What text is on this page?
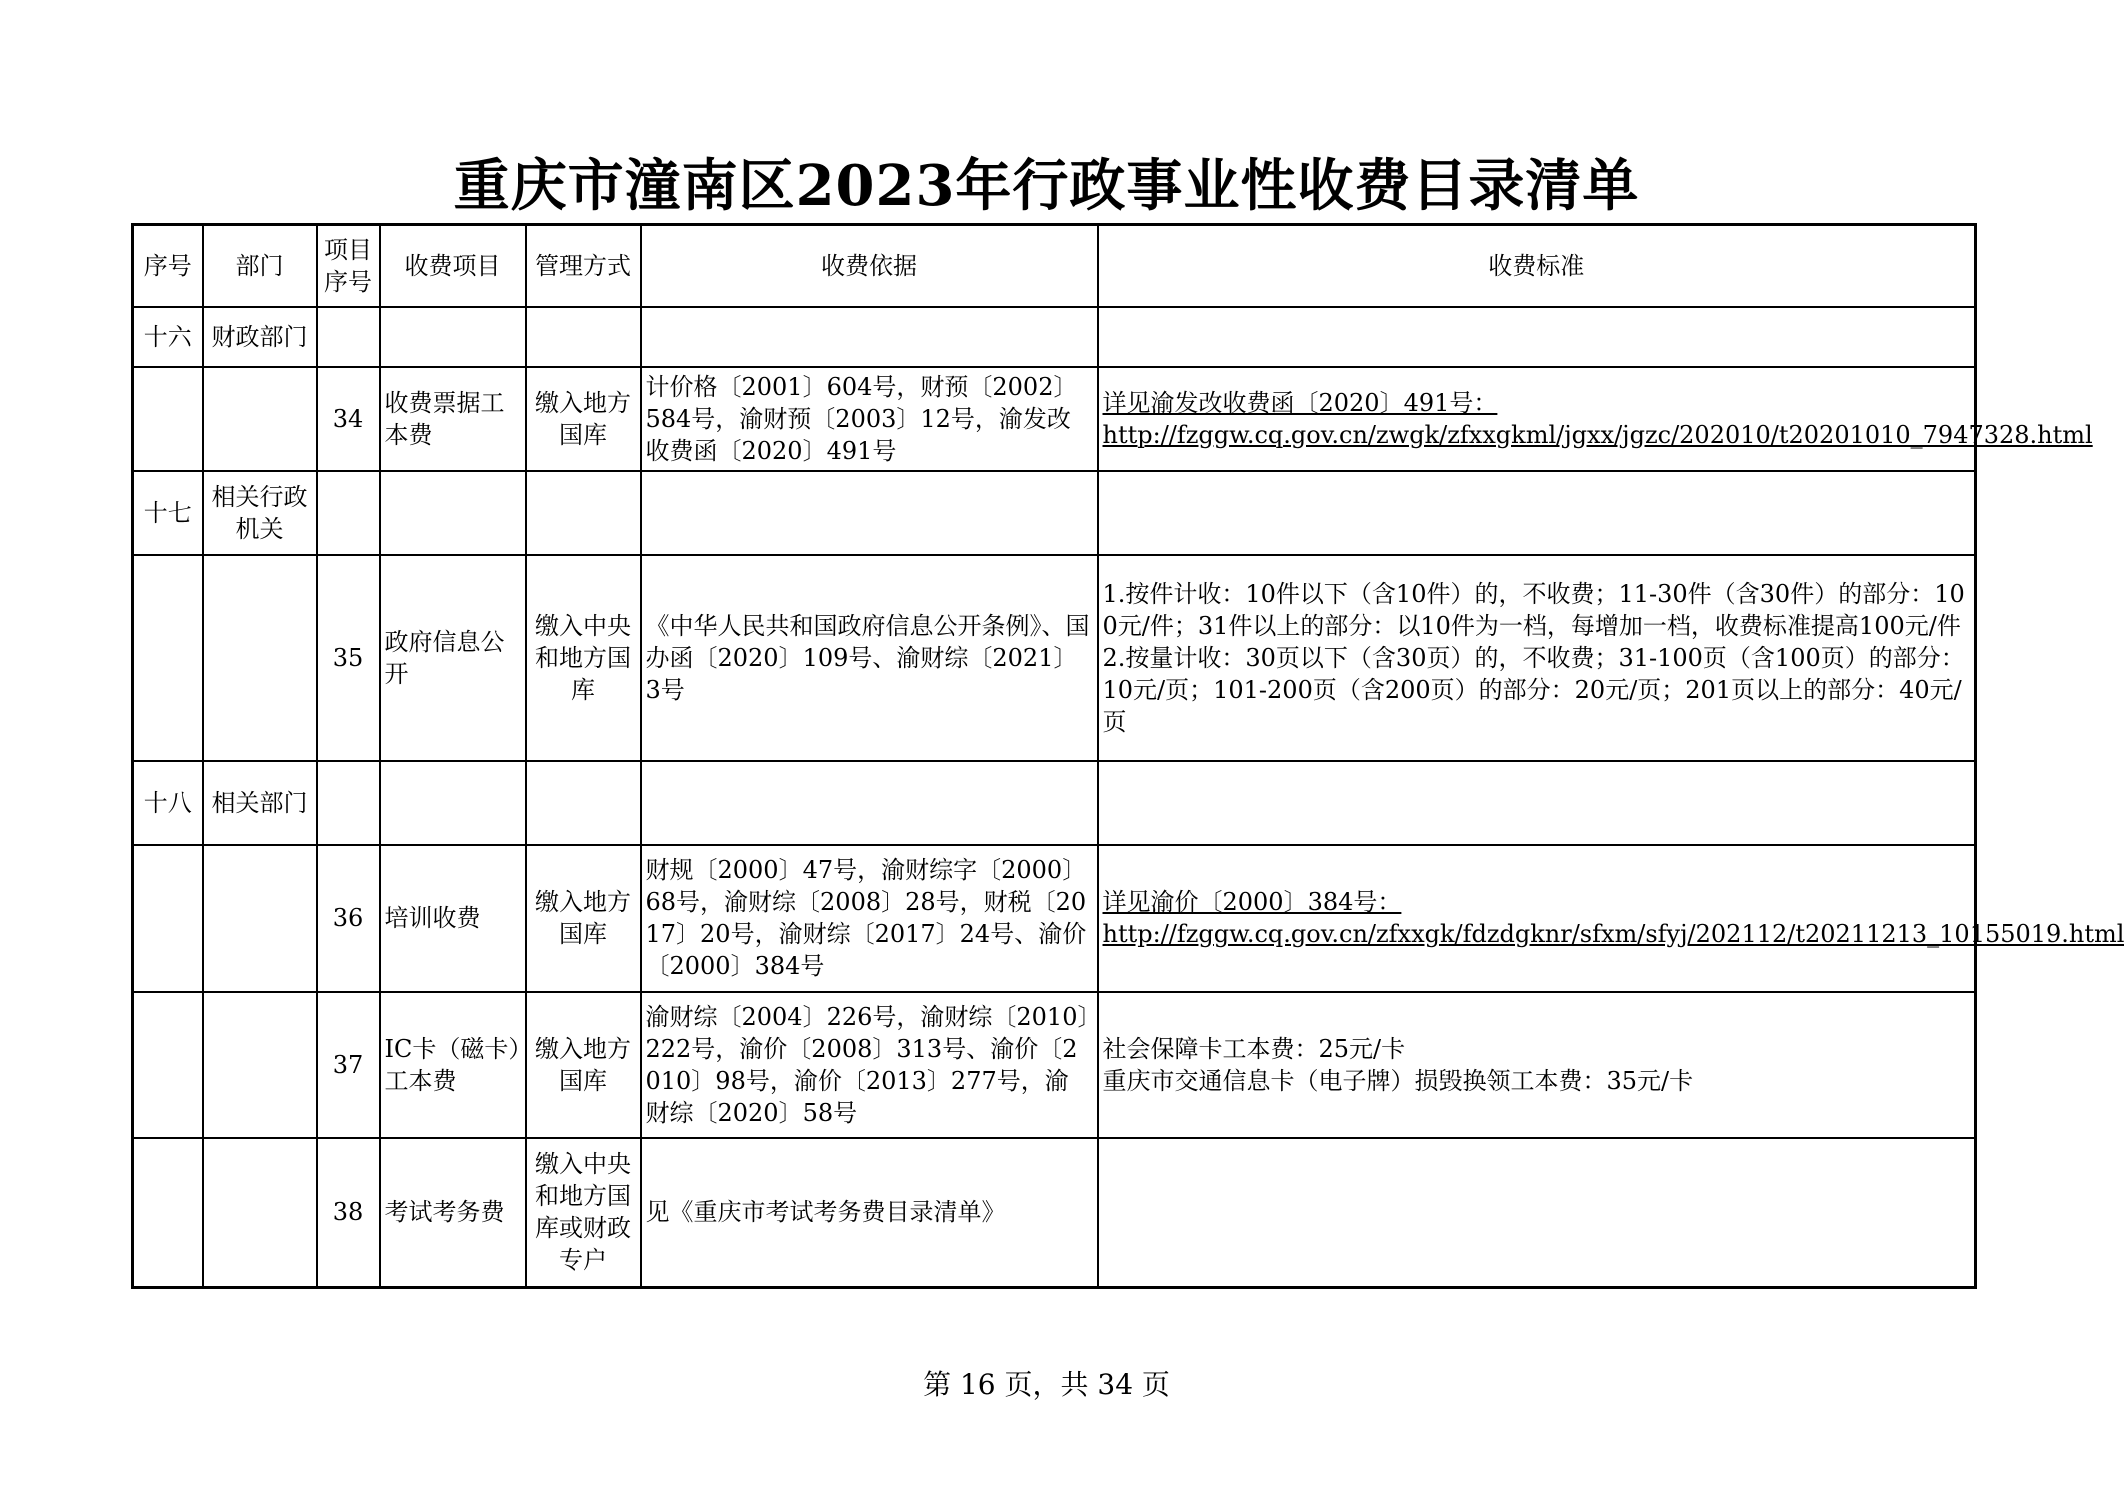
重庆市潼南区2023年行政事业性收费目录清单
序号	部门	项目序号	收费项目	管理方式	收费依据	收费标准
十六	财政部门					
		34	收费票据工本费	缴入地方国库	计价格〔2001〕604号，财预〔2002〕584号，渝财预〔2003〕12号，渝发改收费函〔2020〕491号	详见渝发改收费函〔2020〕491号：
http://fzggw.cq.gov.cn/zwgk/zfxxgkml/jgxx/jgzc/202010/t20201010_7947328.html

十七	相关行政机关					
		35	政府信息公开	缴入中央和地方国库	《中华人民共和国政府信息公开条例》、国办函〔2020〕109号、渝财综〔2021〕3号	1.按件计收：10件以下（含10件）的，不收费；11-30件（含30件）的部分：100元/件；31件以上的部分：以10件为一档，每增加一档，收费标准提高100元/件
2.按量计收：30页以下（含30页）的，不收费；31-100页（含100页）的部分：10元/页；101-200页（含200页）的部分：20元/页；201页以上的部分：40元/页

十八	相关部门					
		36	培训收费	缴入地方国库	财规〔2000〕47号，渝财综字〔2000〕68号，渝财综〔2008〕28号，财税〔2017〕20号，渝财综〔2017〕24号、渝价〔2000〕384号	详见渝价〔2000〕384号：
http://fzggw.cq.gov.cn/zfxxgk/fdzdgknr/sfxm/sfyj/202112/t20211213_10155019.html

		37	IC卡（磁卡）工本费	缴入地方国库	渝财综〔2004〕226号，渝财综〔2010〕222号，渝价〔2008〕313号、渝价〔2010〕98号，渝价〔2013〕277号，渝财综〔2020〕58号	社会保障卡工本费：25元/卡
重庆市交通信息卡（电子牌）损毁换领工本费：35元/卡

		38	考试考务费	缴入中央和地方国库或财政专户	见《重庆市考试考务费目录清单》	
第 16 页，共 34 页
